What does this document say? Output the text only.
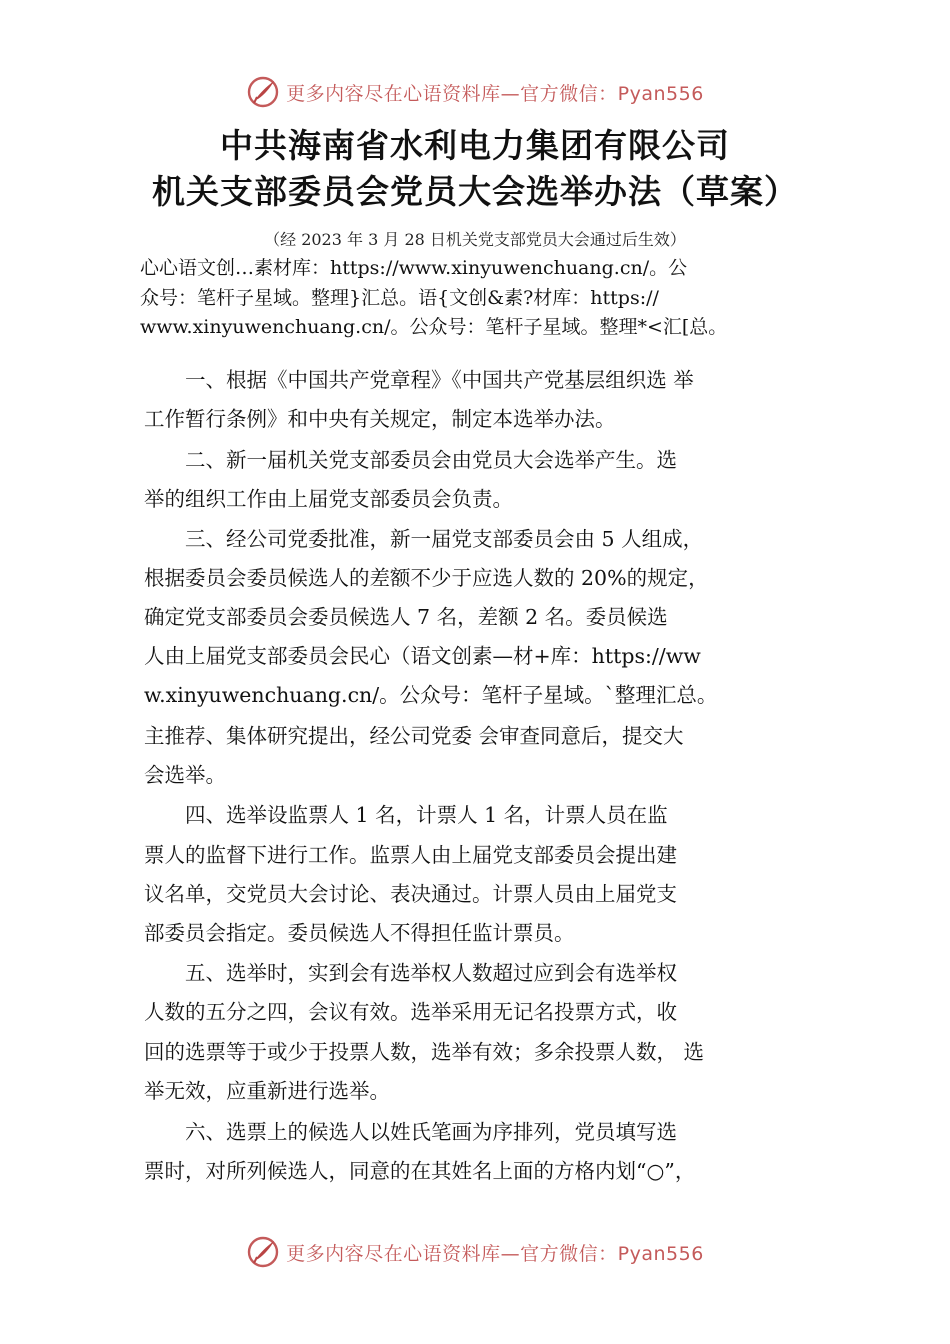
更多内容尽在心语资料库—官方微信：Pyan556
中共海南省水利电力集团有限公司
机关支部委员会党员大会选举办法（草案）
（经 2023 年 3 月 28 日机关党支部党员大会通过后生效）
心心语文创…素材库：https://www.xinyuwenchuang.cn/。公
众号：笔杆子星域。整理}汇总。语{文创&素?材库：https://
www.xinyuwenchuang.cn/。公众号：笔杆子星域。整理*<汇[总。
　　一、根据《中国共产党章程》《中国共产党基层组织选 举
工作暂行条例》和中央有关规定，制定本选举办法。
　　二、新一届机关党支部委员会由党员大会选举产生。选
举的组织工作由上届党支部委员会负责。
　　三、经公司党委批准，新一届党支部委员会由 5 人组成，
根据委员会委员候选人的差额不少于应选人数的 20%的规定，
确定党支部委员会委员候选人 7 名，差额 2 名。委员候选
人由上届党支部委员会民心（语文创素—材+库：https://ww
w.xinyuwenchuang.cn/。公众号：笔杆子星域。`整理汇总。
主推荐、集体研究提出，经公司党委 会审查同意后，提交大
会选举。
　　四、选举设监票人 1 名，计票人 1 名，计票人员在监
票人的监督下进行工作。监票人由上届党支部委员会提出建
议名单，交党员大会讨论、表决通过。计票人员由上届党支
部委员会指定。委员候选人不得担任监计票员。
　　五、选举时，实到会有选举权人数超过应到会有选举权
人数的五分之四，会议有效。选举采用无记名投票方式，收
回的选票等于或少于投票人数，选举有效；多余投票人数， 选
举无效，应重新进行选举。
　　六、选票上的候选人以姓氏笔画为序排列，党员填写选
票时，对所列候选人，同意的在其姓名上面的方格内划“○”，
更多内容尽在心语资料库—官方微信：Pyan556
